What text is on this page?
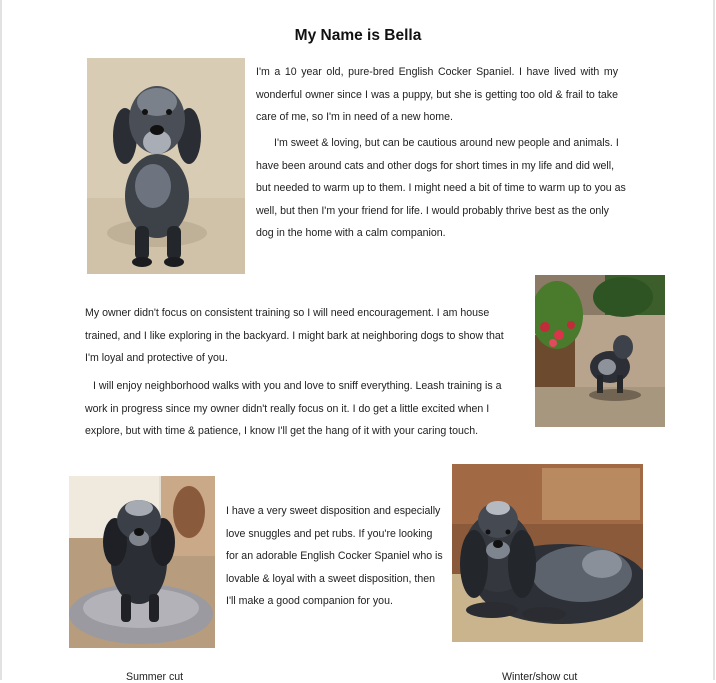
My Name is Bella

I'm a 10 year old, pure-bred English Cocker Spaniel. I have lived with my wonderful owner since I was a puppy, but she is getting too old & frail to take care of me, so I'm in need of a new home.

I'm sweet & loving, but can be cautious around new people and animals. I have been around cats and other dogs for short times in my life and did well, but needed to warm up to them. I might need a bit of time to warm up to you as well, but then I'm your friend for life. I would probably thrive best as the only dog in the home with a calm companion.

My owner didn't focus on consistent training so I will need encouragement. I am house trained, and I like exploring in the backyard. I might bark at neighboring dogs to show that I'm loyal and protective of you.

I will enjoy neighborhood walks with you and love to sniff everything. Leash training is a work in progress since my owner didn't really focus on it. I do get a little excited when I explore, but with time & patience, I know I'll get the hang of it with your caring touch.

I have a very sweet disposition and especially love snuggles and pet rubs. If you're looking for an adorable English Cocker Spaniel who is lovable & loyal with a sweet disposition, then I'll make a good companion for you.

Summer cut	Winter/show cut
